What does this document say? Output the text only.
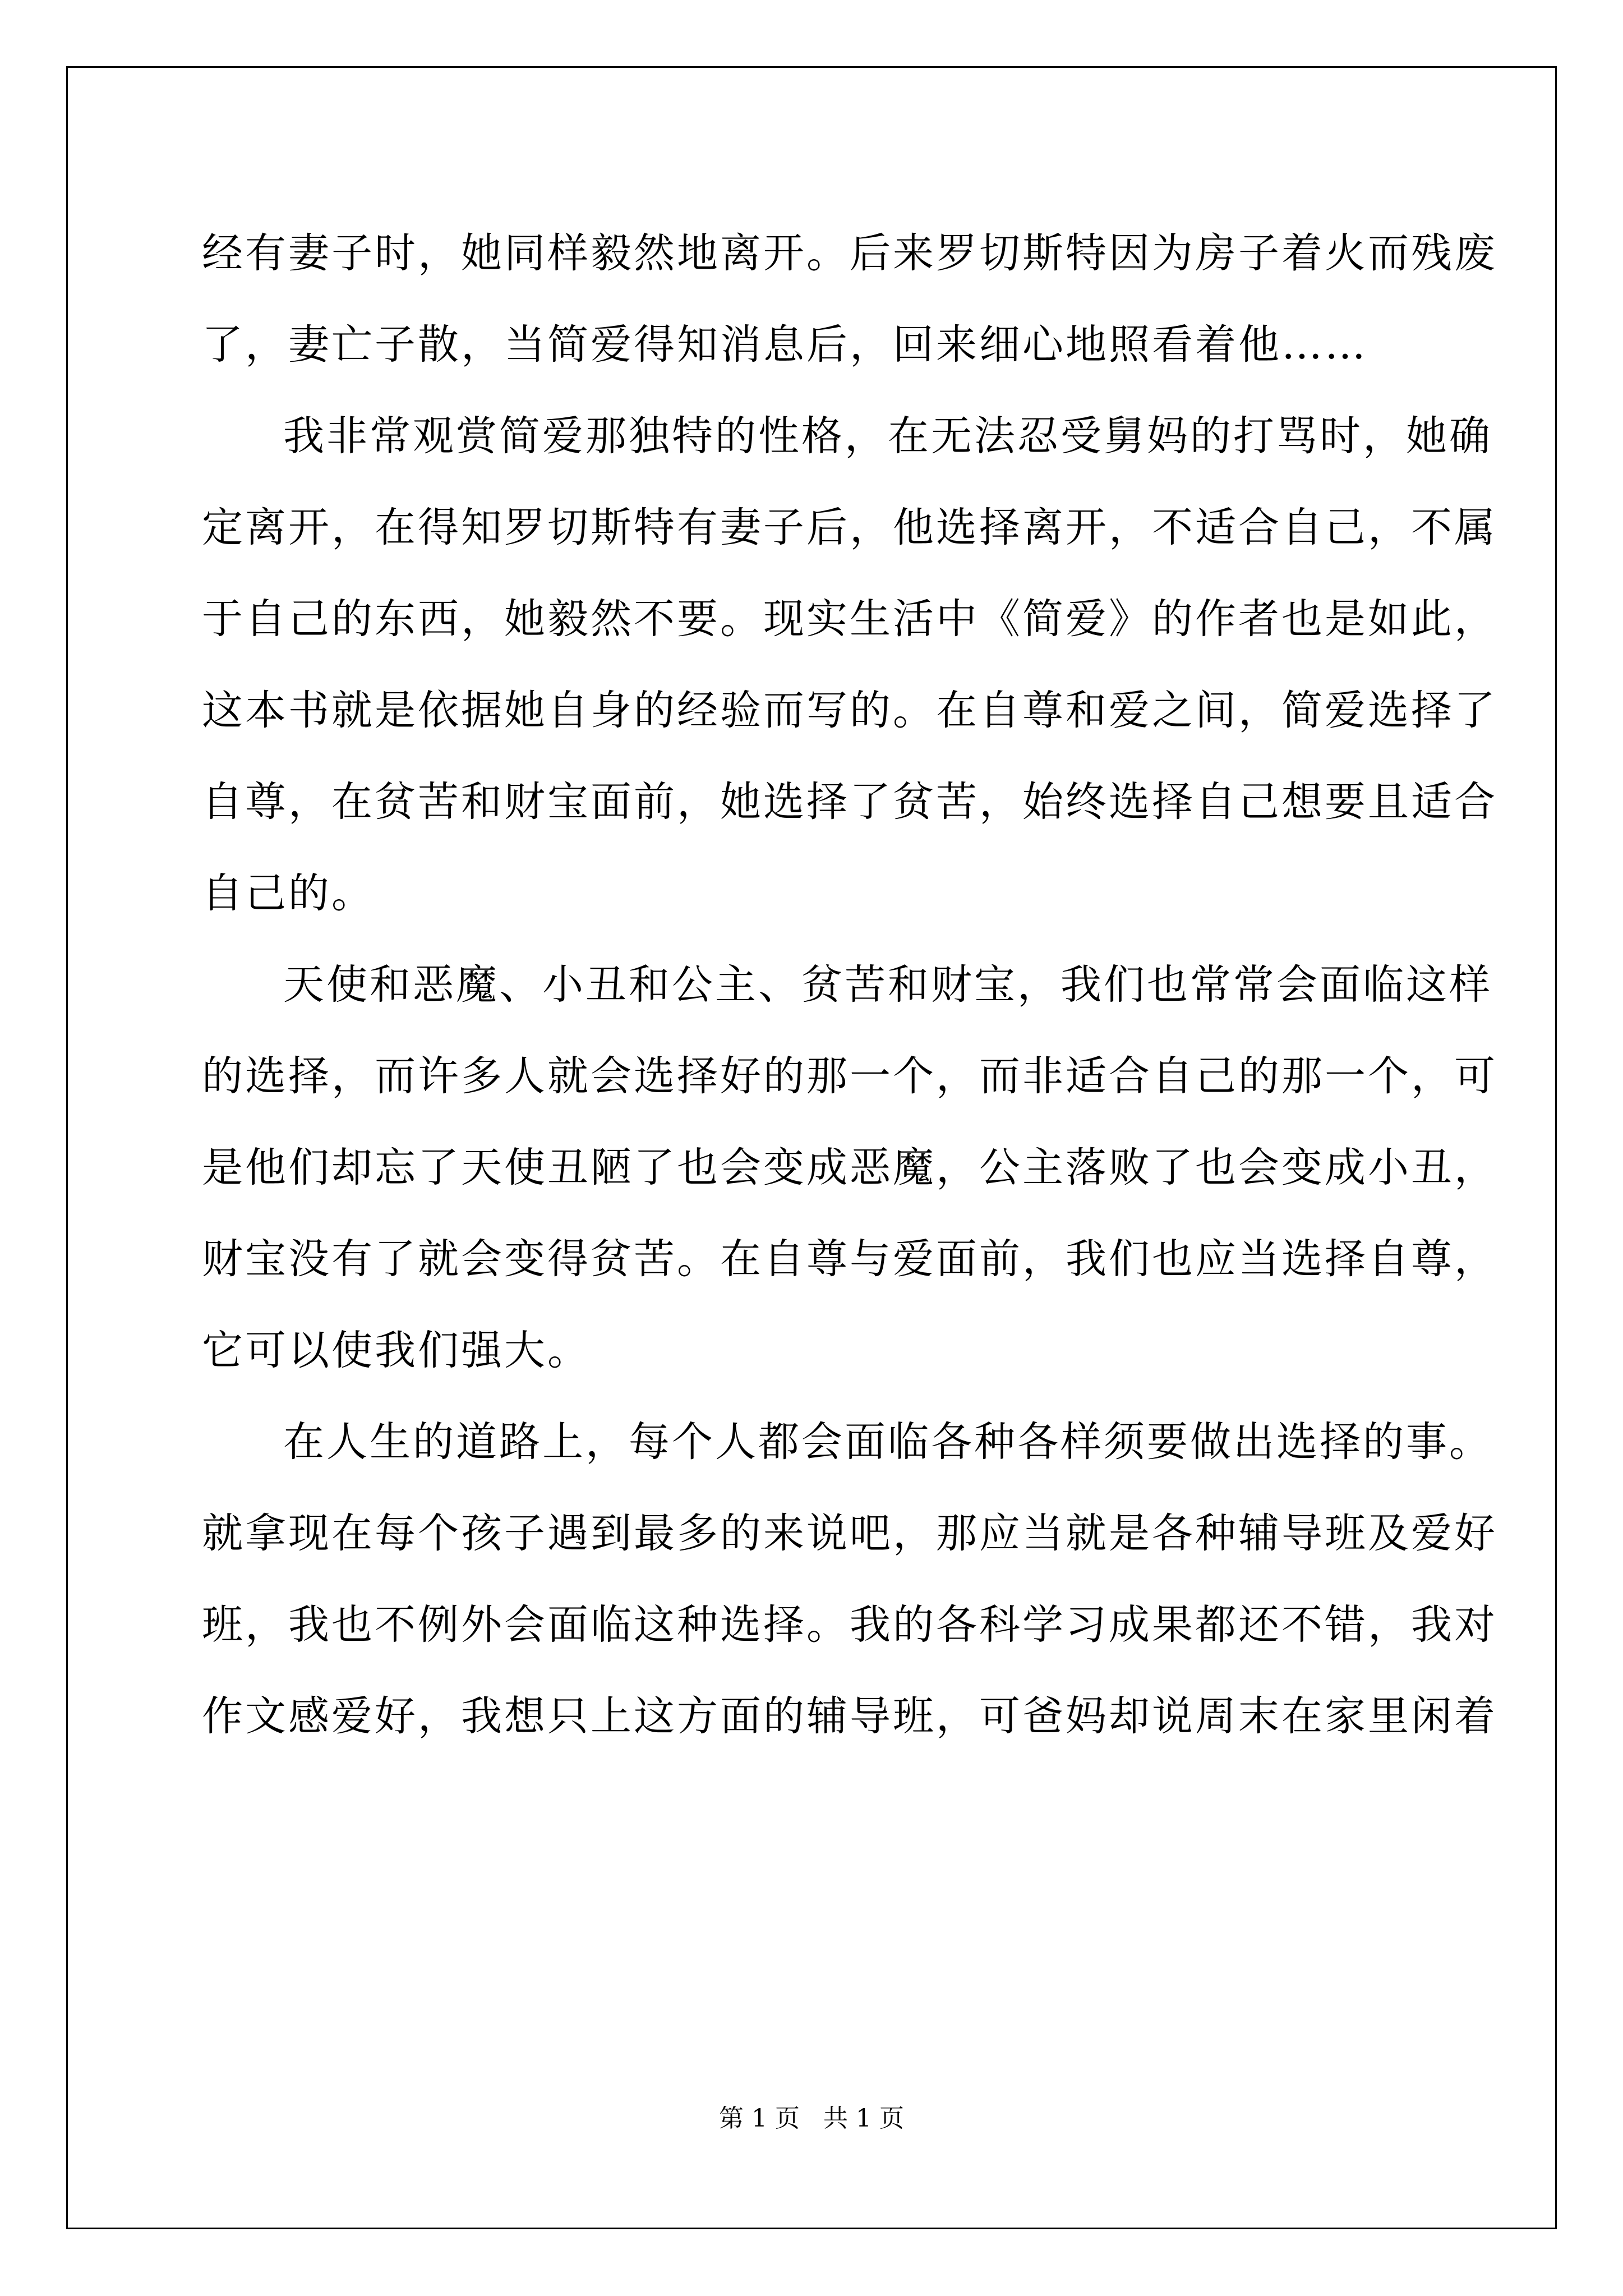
经有妻子时，她同样毅然地离开。后来罗切斯特因为房子着火而残废
了，妻亡子散，当简爱得知消息后，回来细心地照看着他……
我非常观赏简爱那独特的性格，在无法忍受舅妈的打骂时，她确
定离开，在得知罗切斯特有妻子后，他选择离开，不适合自己，不属
于自己的东西，她毅然不要。现实生活中《简爱》的作者也是如此，
这本书就是依据她自身的经验而写的。在自尊和爱之间，简爱选择了
自尊，在贫苦和财宝面前，她选择了贫苦，始终选择自己想要且适合
自己的。
天使和恶魔、小丑和公主、贫苦和财宝，我们也常常会面临这样
的选择，而许多人就会选择好的那一个，而非适合自己的那一个，可
是他们却忘了天使丑陋了也会变成恶魔，公主落败了也会变成小丑，
财宝没有了就会变得贫苦。在自尊与爱面前，我们也应当选择自尊，
它可以使我们强大。
在人生的道路上，每个人都会面临各种各样须要做出选择的事。
就拿现在每个孩子遇到最多的来说吧，那应当就是各种辅导班及爱好
班，我也不例外会面临这种选择。我的各科学习成果都还不错，我对
作文感爱好，我想只上这方面的辅导班，可爸妈却说周末在家里闲着
第 1 页 共 1 页
